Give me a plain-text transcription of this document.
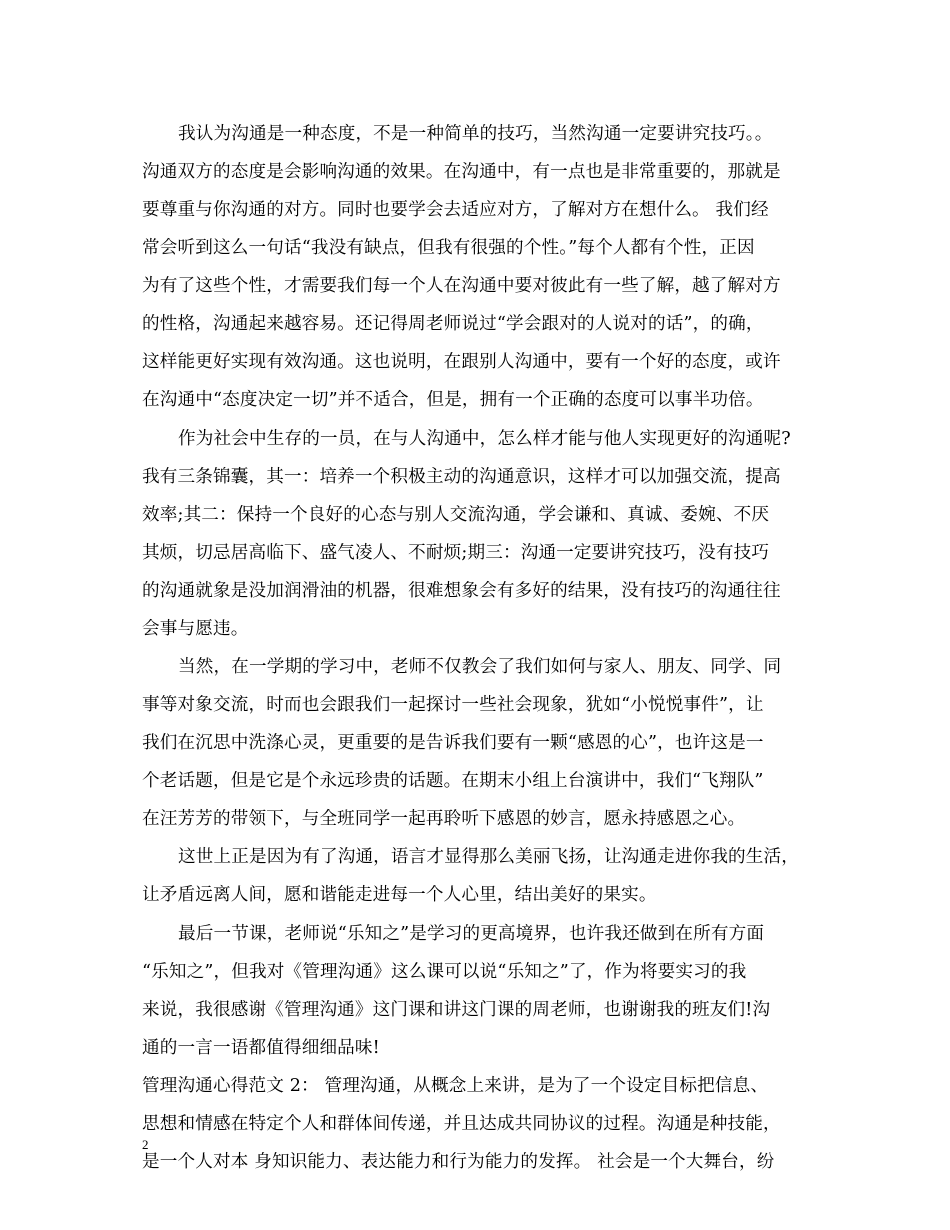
我认为沟通是一种态度，不是一种简单的技巧，当然沟通一定要讲究技巧。。
沟通双方的态度是会影响沟通的效果。在沟通中，有一点也是非常重要的，那就是
要尊重与你沟通的对方。同时也要学会去适应对方，了解对方在想什么。 我们经
常会听到这么一句话“我没有缺点，但我有很强的个性。”每个人都有个性，正因
为有了这些个性，才需要我们每一个人在沟通中要对彼此有一些了解，越了解对方
的性格，沟通起来越容易。还记得周老师说过“学会跟对的人说对的话”，的确，
这样能更好实现有效沟通。这也说明，在跟别人沟通中，要有一个好的态度，或许
在沟通中“态度决定一切”并不适合，但是，拥有一个正确的态度可以事半功倍。
作为社会中生存的一员，在与人沟通中，怎么样才能与他人实现更好的沟通呢?
我有三条锦囊，其一：培养一个积极主动的沟通意识，这样才可以加强交流，提高
效率;其二：保持一个良好的心态与别人交流沟通，学会谦和、真诚、委婉、不厌
其烦，切忌居高临下、盛气凌人、不耐烦;期三：沟通一定要讲究技巧，没有技巧
的沟通就象是没加润滑油的机器，很难想象会有多好的结果，没有技巧的沟通往往
会事与愿违。
当然，在一学期的学习中，老师不仅教会了我们如何与家人、朋友、同学、同
事等对象交流，时而也会跟我们一起探讨一些社会现象，犹如“小悦悦事件”，让
我们在沉思中洗涤心灵，更重要的是告诉我们要有一颗“感恩的心”，也许这是一
个老话题，但是它是个永远珍贵的话题。在期末小组上台演讲中，我们“飞翔队”
在汪芳芳的带领下，与全班同学一起再聆听下感恩的妙言，愿永持感恩之心。
这世上正是因为有了沟通，语言才显得那么美丽飞扬，让沟通走进你我的生活，
让矛盾远离人间，愿和谐能走进每一个人心里，结出美好的果实。
最后一节课，老师说“乐知之”是学习的更高境界，也许我还做到在所有方面
“乐知之”，但我对《管理沟通》这么课可以说“乐知之”了，作为将要实习的我
来说，我很感谢《管理沟通》这门课和讲这门课的周老师，也谢谢我的班友们!沟
通的一言一语都值得细细品味!
管理沟通心得范文 2： 管理沟通，从概念上来讲，是为了一个设定目标把信息、
思想和情感在特定个人和群体间传递，并且达成共同协议的过程。沟通是种技能，
是一个人对本 身知识能力、表达能力和行为能力的发挥。 社会是一个大舞台，纷
2
